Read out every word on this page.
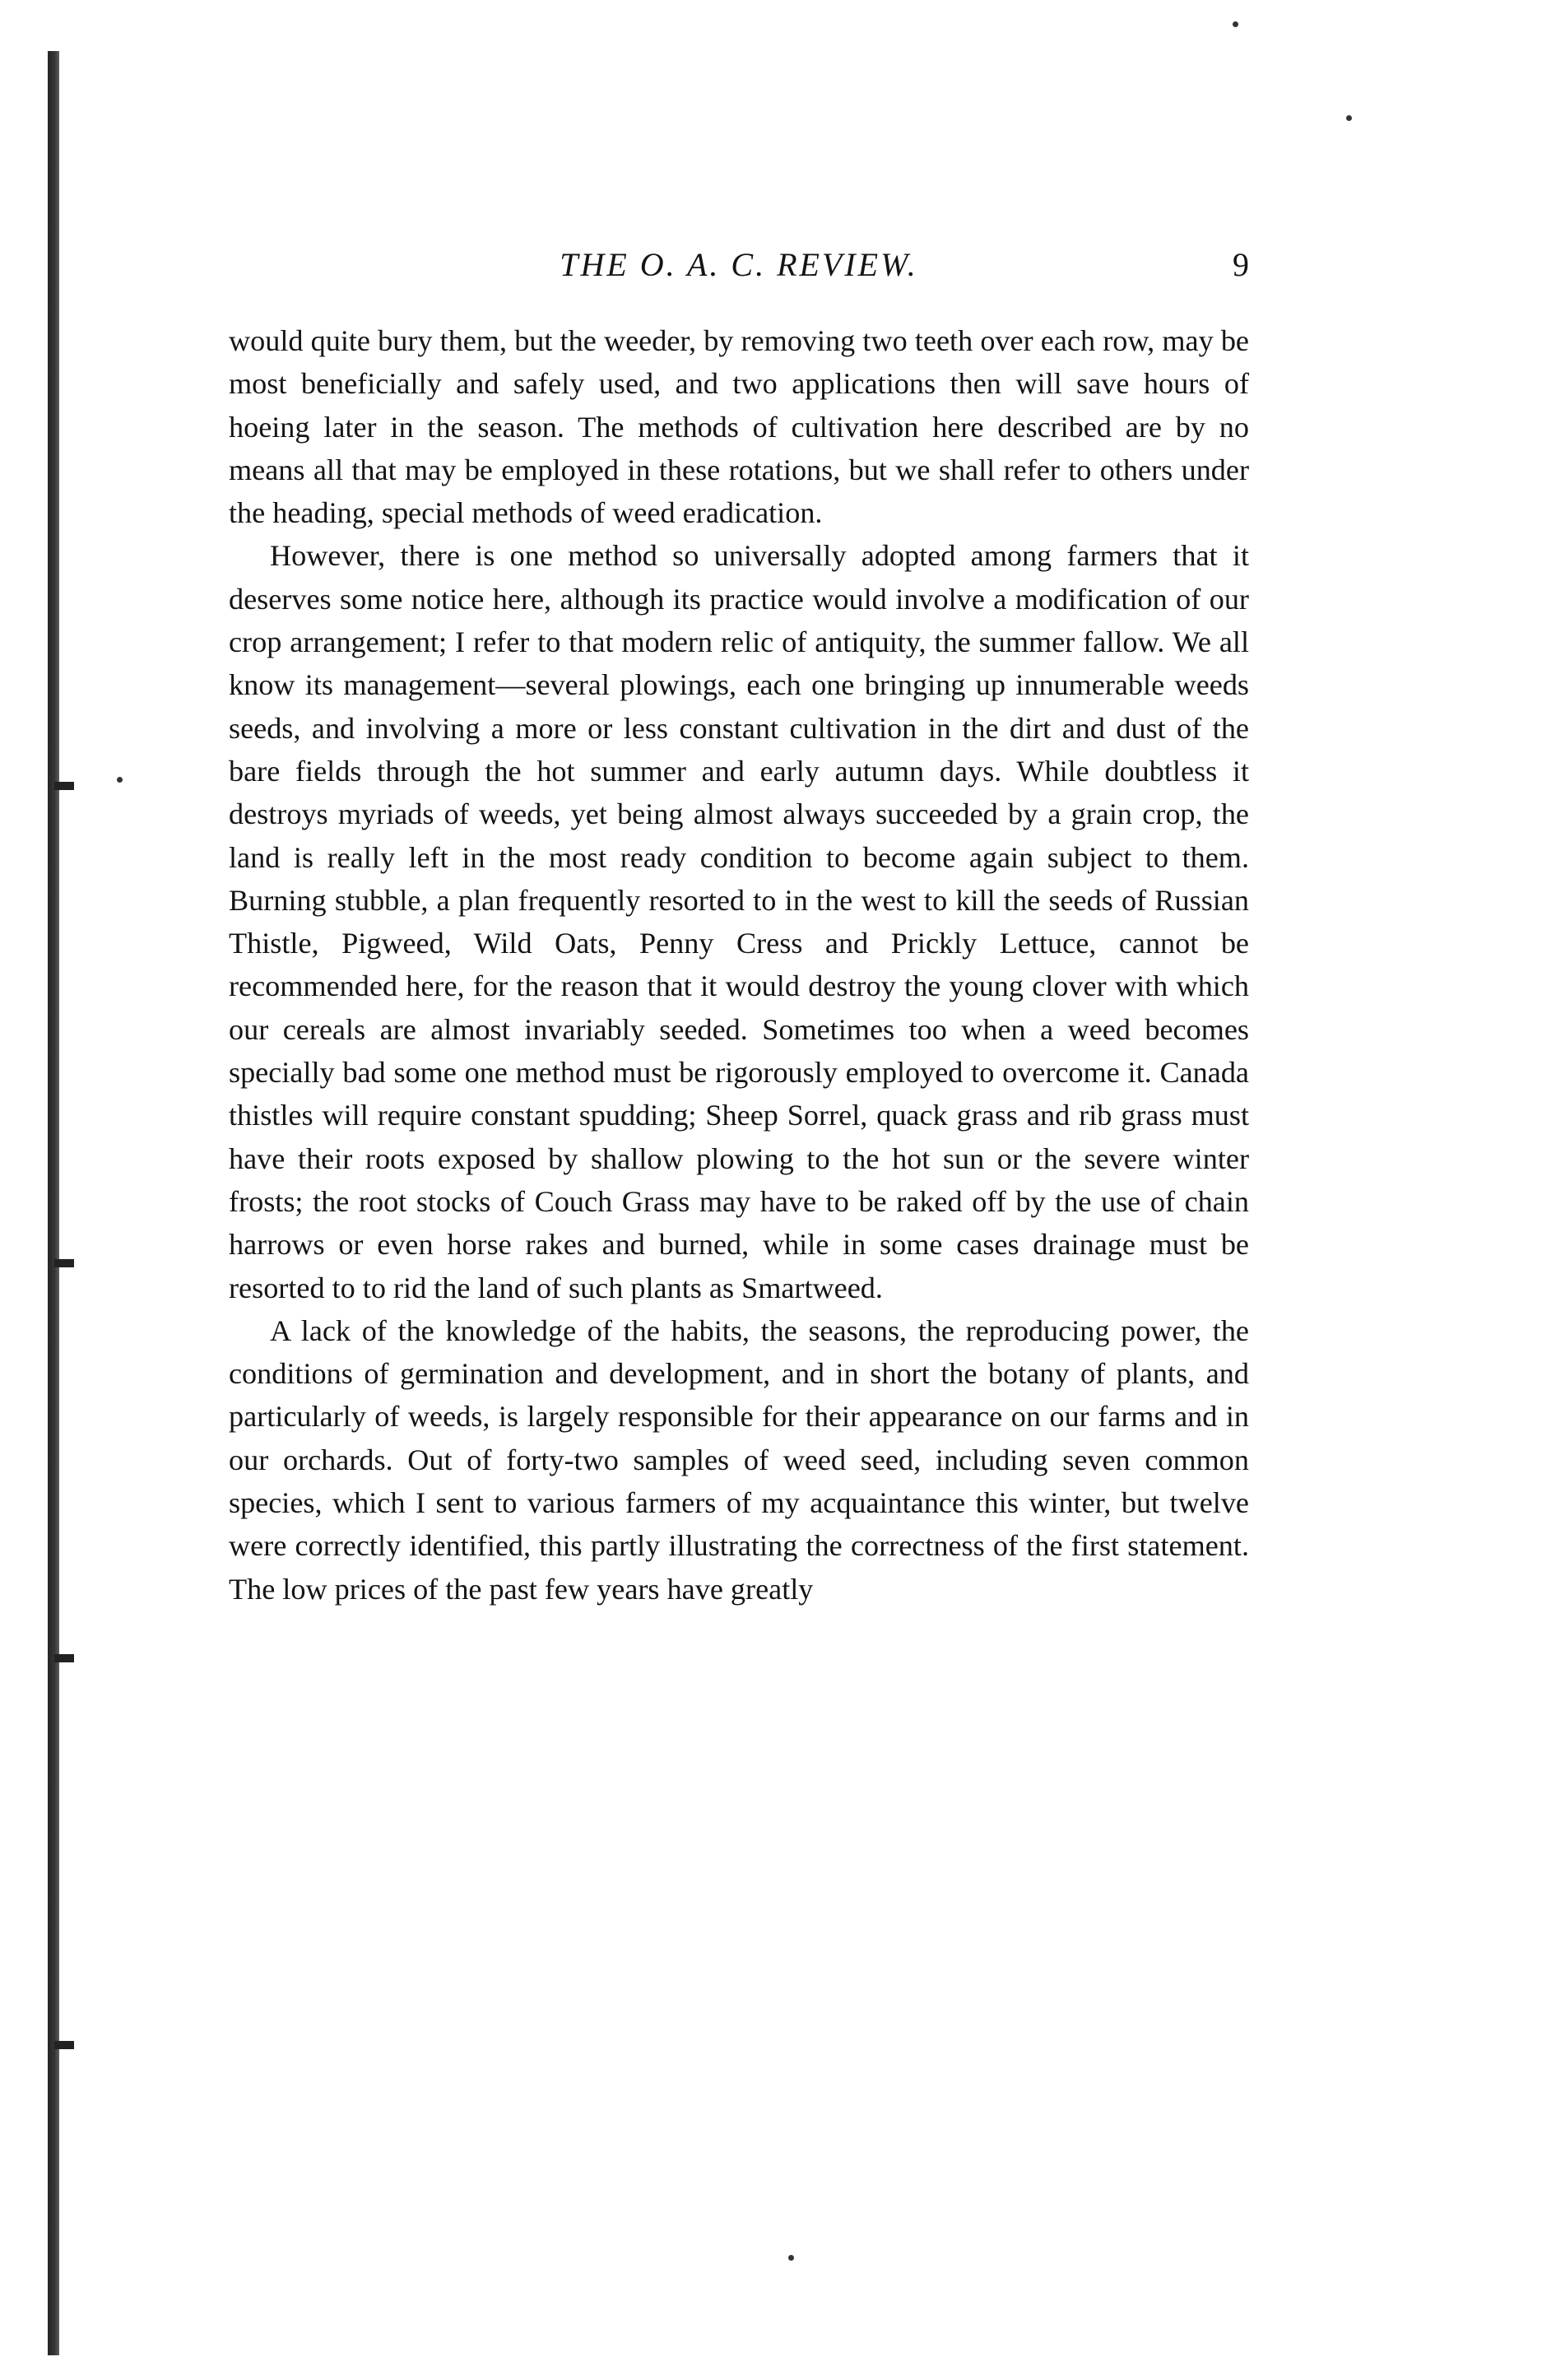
THE O. A. C. REVIEW.	9

would quite bury them, but the weeder, by removing two teeth over each row, may be most beneficially and safely used, and two applications then will save hours of hoeing later in the season. The methods of cultivation here described are by no means all that may be employed in these rotations, but we shall refer to others under the heading, special methods of weed eradication.

However, there is one method so universally adopted among farmers that it deserves some notice here, although its practice would involve a modification of our crop arrangement; I refer to that modern relic of antiquity, the summer fallow. We all know its management—several plowings, each one bringing up innumerable weeds seeds, and involving a more or less constant cultivation in the dirt and dust of the bare fields through the hot summer and early autumn days. While doubtless it destroys myriads of weeds, yet being almost always succeeded by a grain crop, the land is really left in the most ready condition to become again subject to them. Burning stubble, a plan frequently resorted to in the west to kill the seeds of Russian Thistle, Pigweed, Wild Oats, Penny Cress and Prickly Lettuce, cannot be recommended here, for the reason that it would destroy the young clover with which our cereals are almost invariably seeded. Sometimes too when a weed becomes specially bad some one method must be rigorously employed to overcome it. Canada thistles will require constant spudding; Sheep Sorrel, quack grass and rib grass must have their roots exposed by shallow plowing to the hot sun or the severe winter frosts; the root stocks of Couch Grass may have to be raked off by the use of chain harrows or even horse rakes and burned, while in some cases drainage must be resorted to to rid the land of such plants as Smartweed.

A lack of the knowledge of the habits, the seasons, the reproducing power, the conditions of germination and development, and in short the botany of plants, and particularly of weeds, is largely responsible for their appearance on our farms and in our orchards. Out of forty-two samples of weed seed, including seven common species, which I sent to various farmers of my acquaintance this winter, but twelve were correctly identified, this partly illustrating the correctness of the first statement. The low prices of the past few years have greatly
